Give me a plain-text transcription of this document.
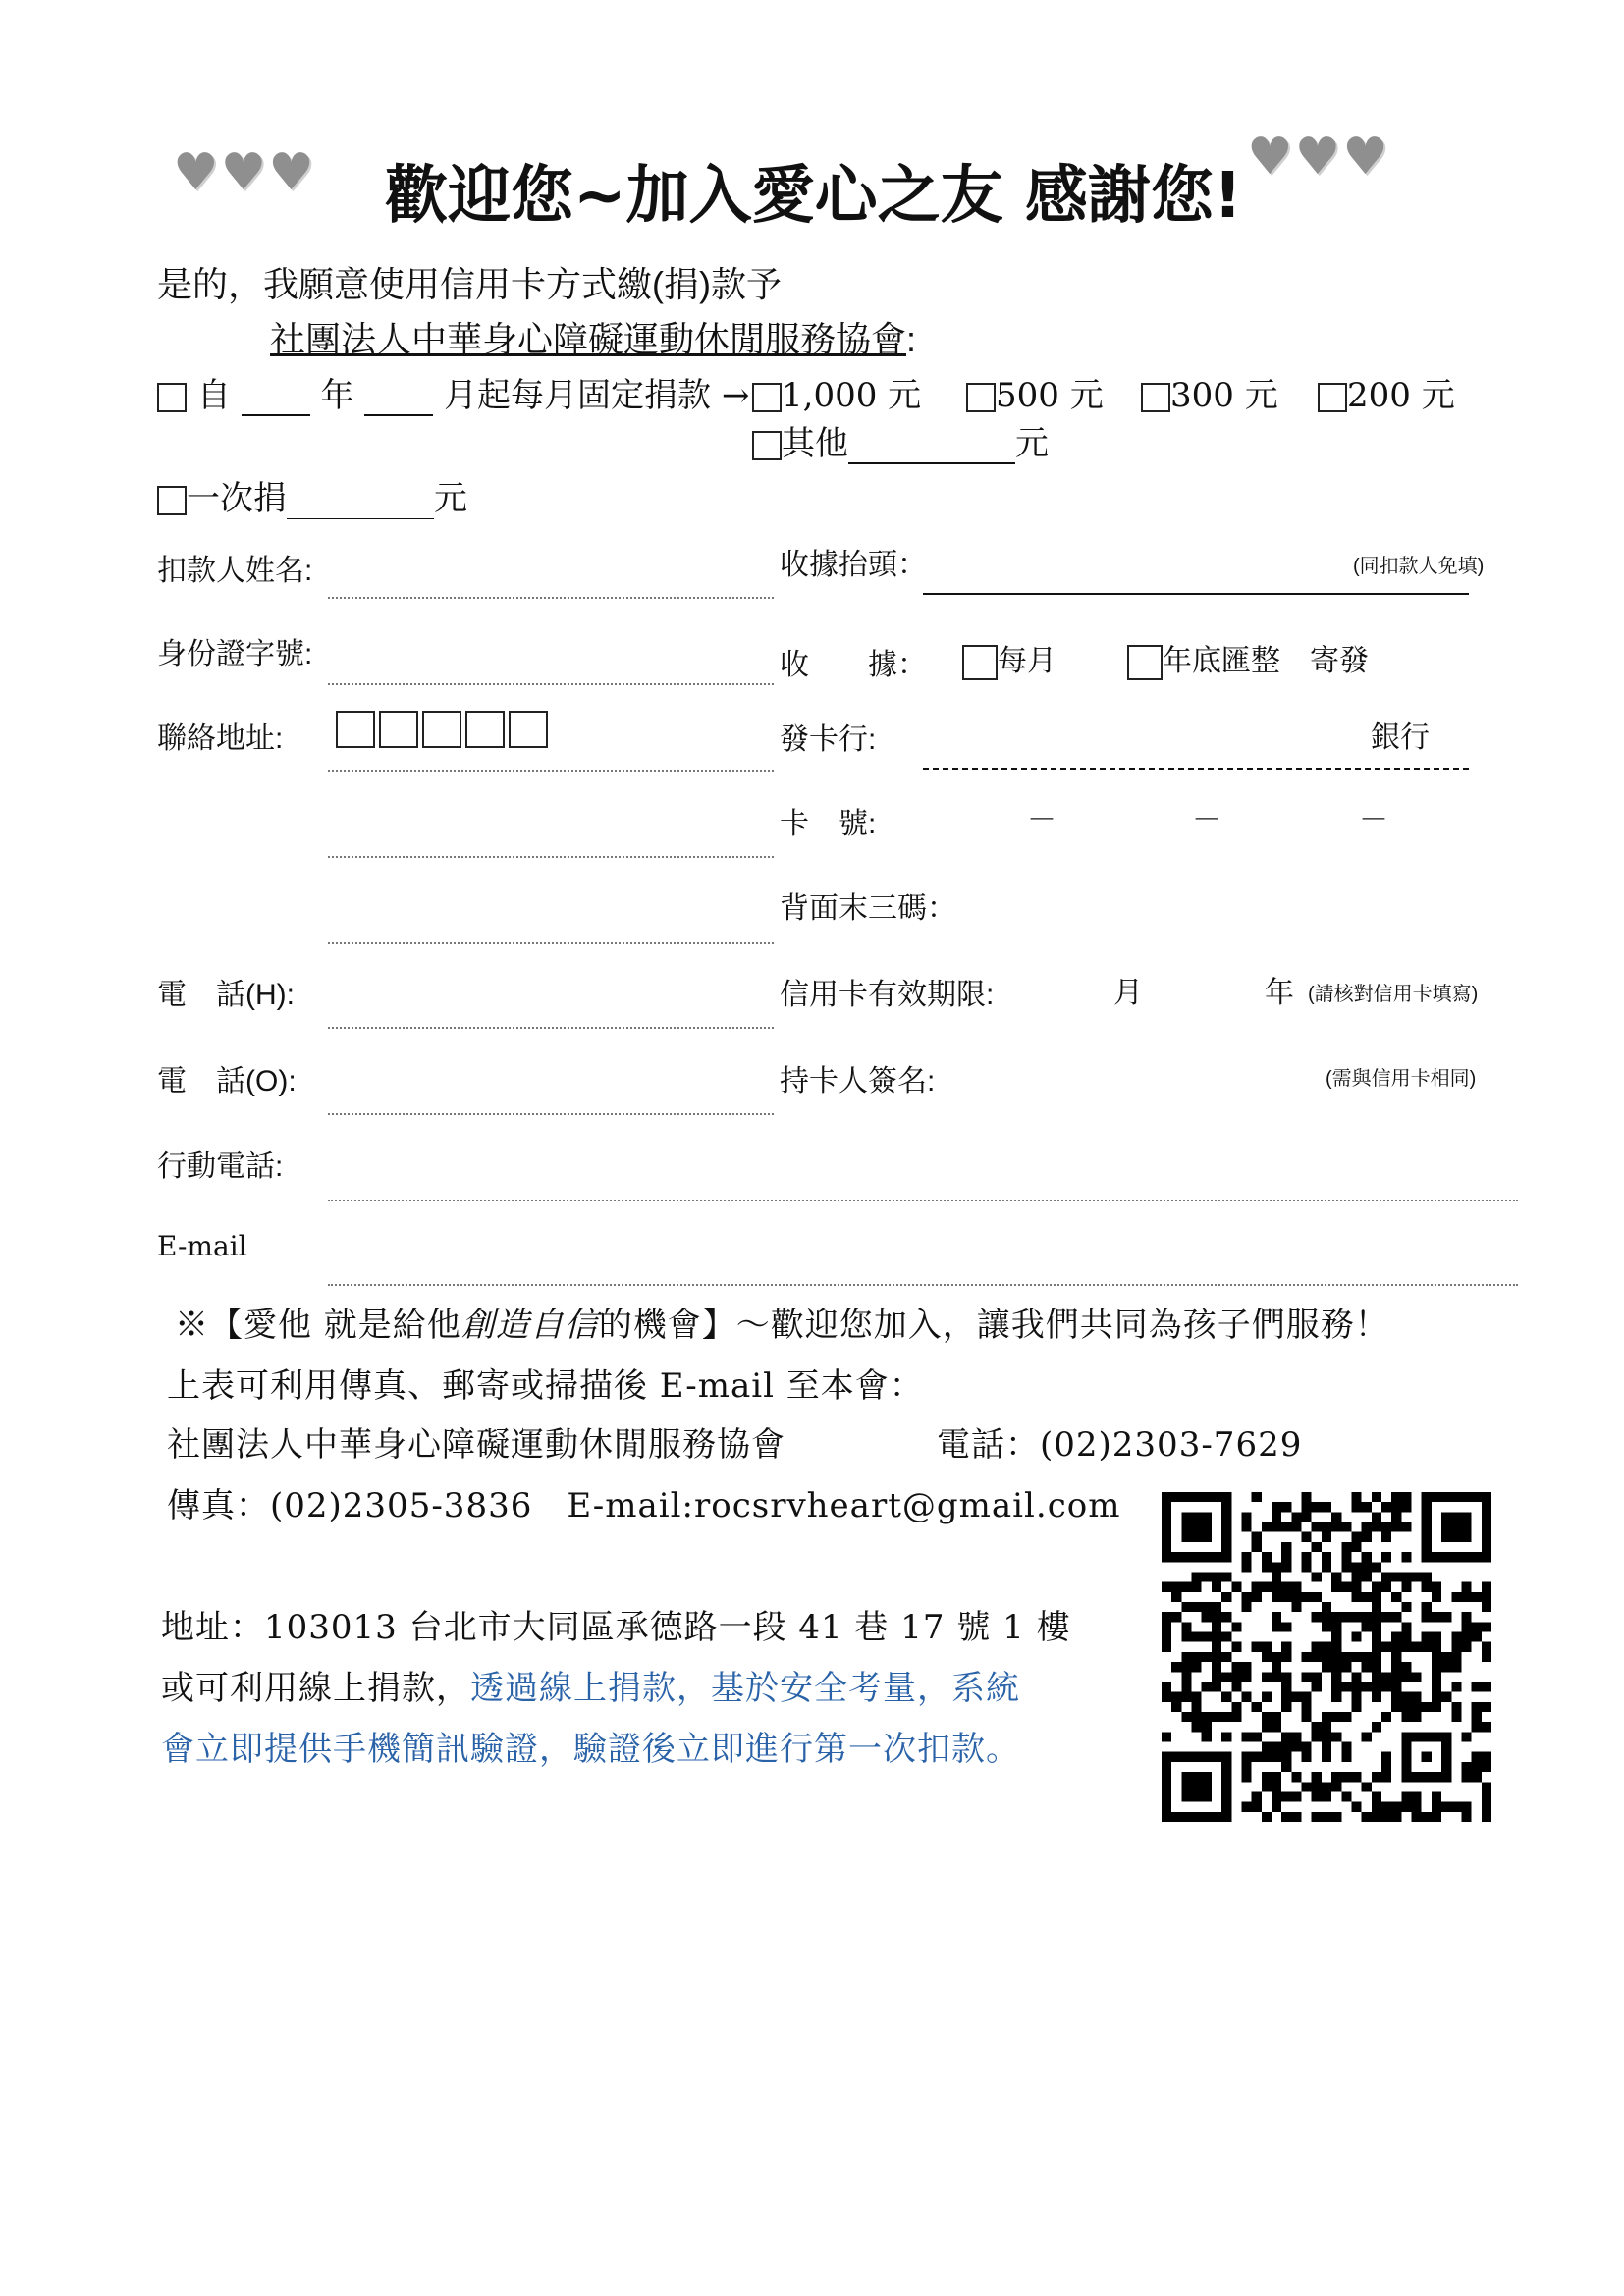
♥ ♥ ♥ 歡迎您~加入愛心之友 感謝您!
♥ ♥ ♥
是的，我願意使用信用卡方式繳(捐)款予
社團法人中華身心障礙運動休閒服務協會:
自	年	月起每月固定捐款 → 1,000 元	500 元	300 元	200 元
其他	元
一次捐	元
扣款人姓名:
身份證字號:
聯絡地址:
電　話(H):
電　話(O):
行動電話:
E-mail
收據抬頭：	(同扣款人免填)
收　　據：	每月	年底匯整　寄發
發卡行:	銀行
卡　號:	－	－	－
背面末三碼：
信用卡有效期限:	月	年 (請核對信用卡填寫)
持卡人簽名:	(需與信用卡相同)
※【愛他 就是給他創造自信的機會】～歡迎您加入，讓我們共同為孩子們服務！
上表可利用傳真、郵寄或掃描後 E-mail 至本會：
社團法人中華身心障礙運動休閒服務協會	電話：(02)2303-7629
傳真：(02)2305-3836　E-mail:rocsrvheart@gmail.com
地址：103013 台北市大同區承德路一段 41 巷 17 號 1 樓
或可利用線上捐款，透過線上捐款，基於安全考量，系統
會立即提供手機簡訊驗證，驗證後立即進行第一次扣款。
